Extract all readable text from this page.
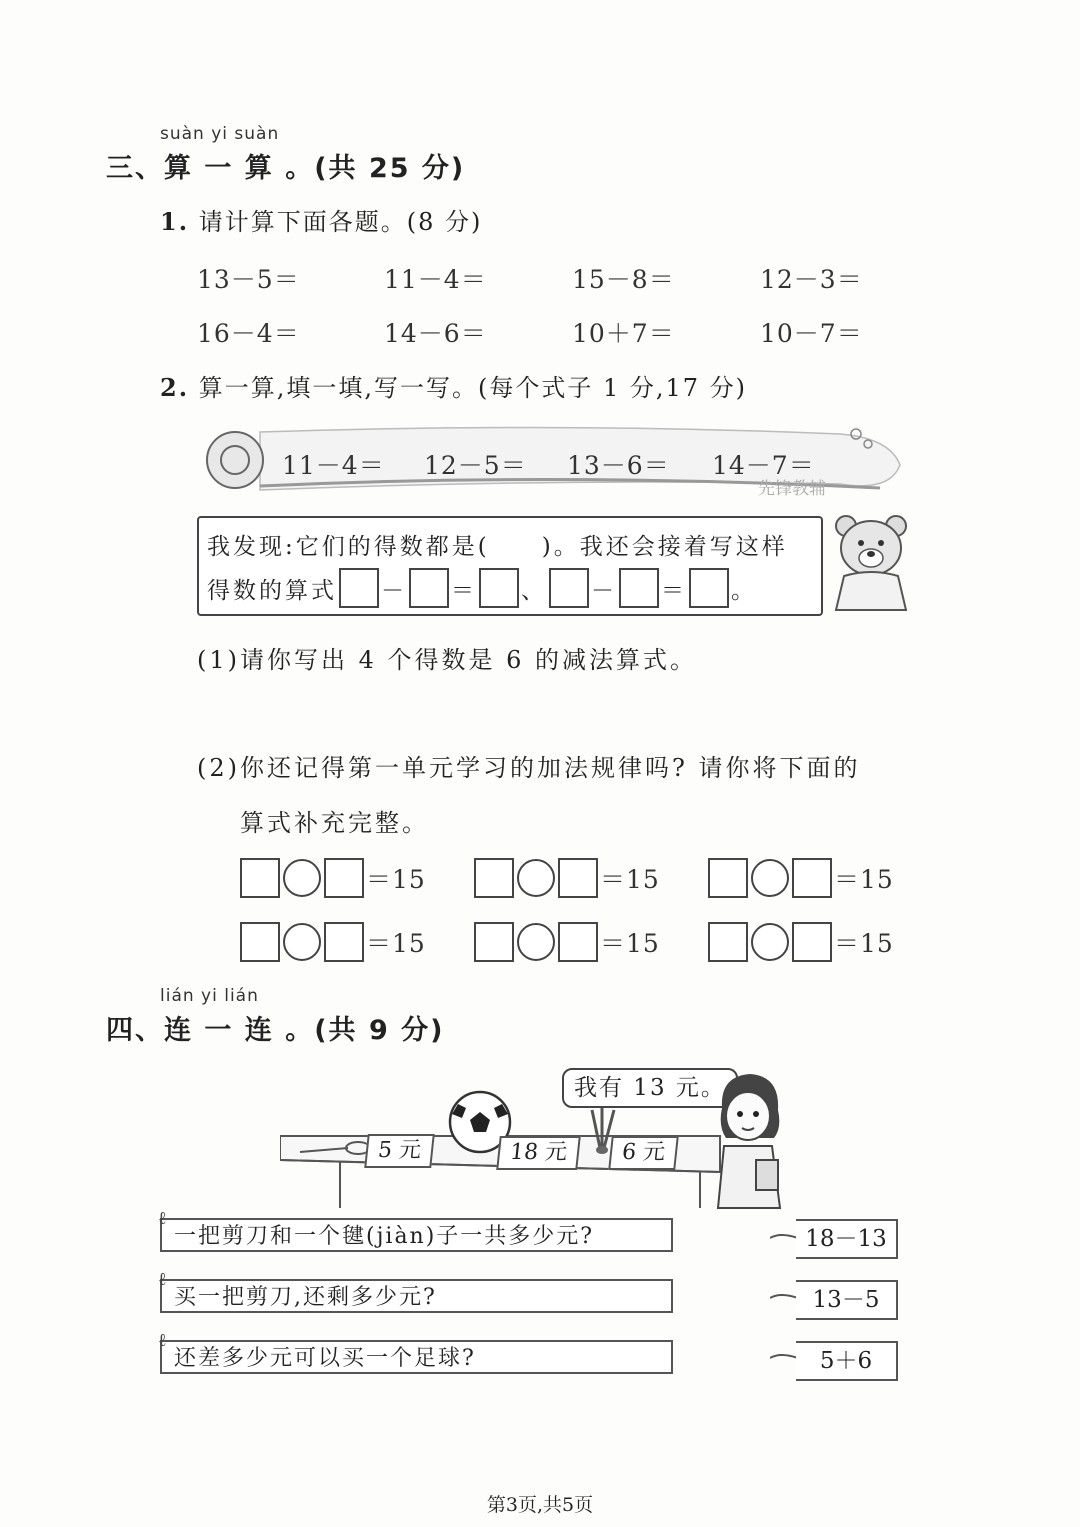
suàn yi suàn
三、算 一 算 。(共 25 分)
1. 请计算下面各题。(8 分)
13－5＝	11－4＝	15－8＝	12－3＝
16－4＝	14－6＝	10＋7＝	10－7＝
2. 算一算,填一填,写一写。(每个式子 1 分,17 分)
11－4＝ 12－5＝ 13－6＝ 14－7＝
先锋教辅
我发现:它们的得数都是(　　)。我还会接着写这样
得数的算式 － ＝ 、 － ＝ 。
(1)请你写出 4 个得数是 6 的减法算式。
(2)你还记得第一单元学习的加法规律吗? 请你将下面的
算式补充完整。
＝15	＝15	＝15
＝15	＝15	＝15
lián yi lián
四、连 一 连 。(共 9 分)
5 元	18 元	6 元
我有 13 元。
一把剪刀和一个毽(jiàn)子一共多少元?
买一把剪刀,还剩多少元?
还差多少元可以买一个足球?
ℓ
ℓ
ℓ
18－13
13－5
5＋6
第3页,共5页
